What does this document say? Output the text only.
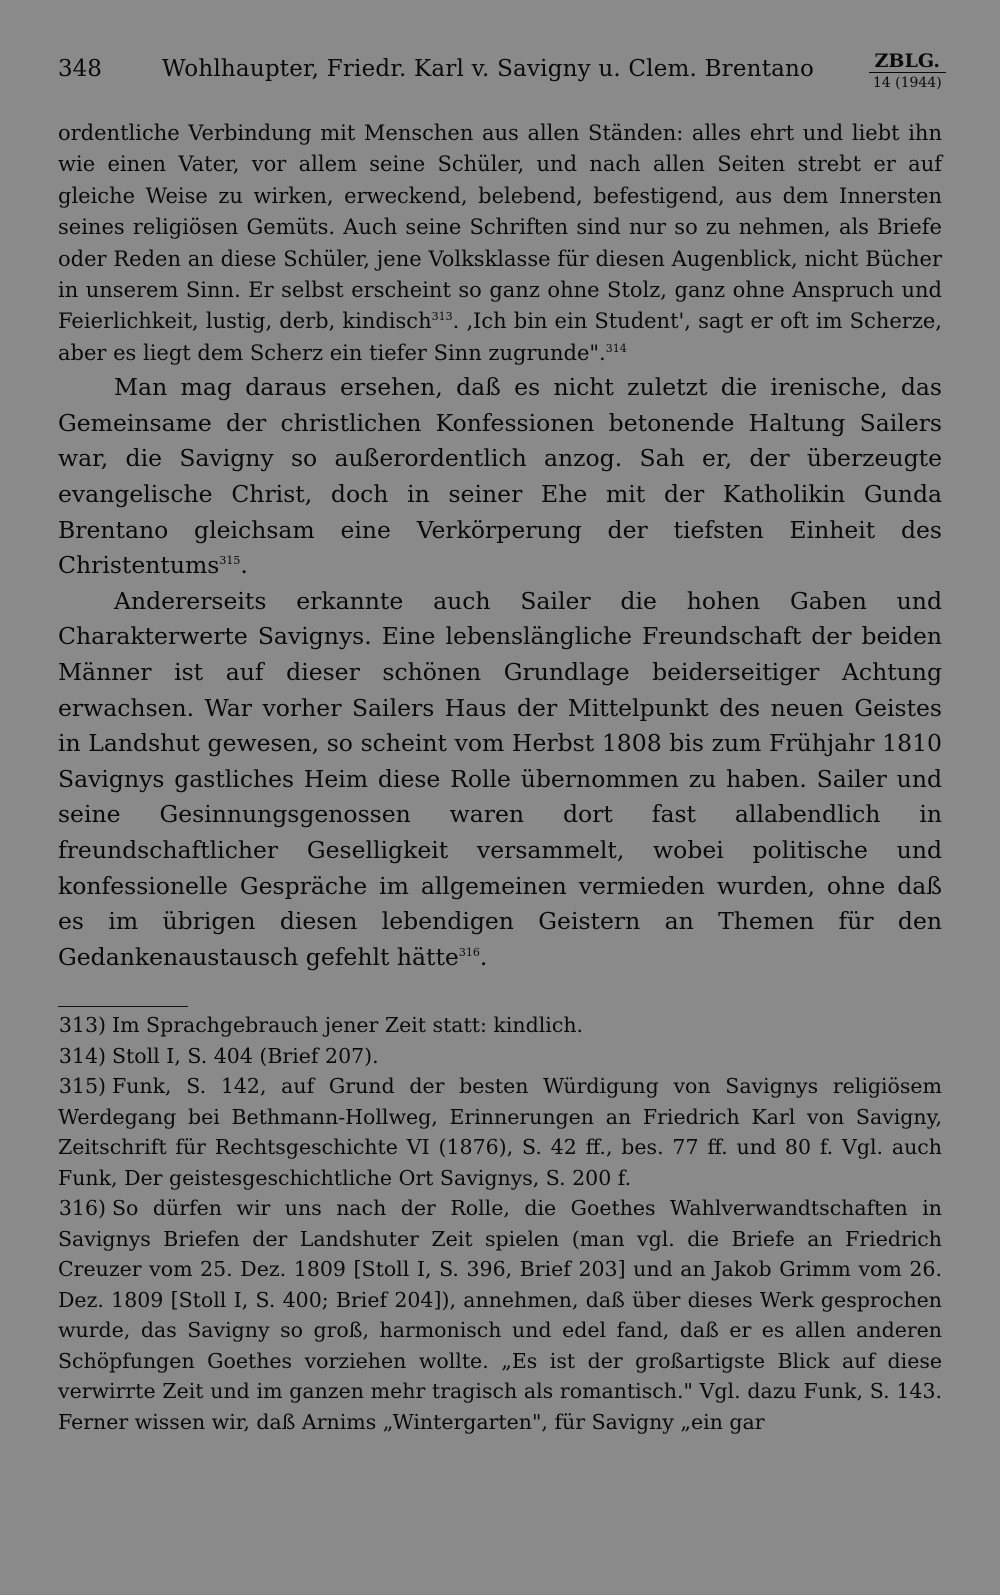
348	Wohlhaupter, Friedr. Karl v. Savigny u. Clem. Brentano	ZBLG.
14 (1944)

ordentliche Verbindung mit Menschen aus allen Ständen: alles ehrt und liebt ihn wie einen Vater, vor allem seine Schüler, und nach allen Seiten strebt er auf gleiche Weise zu wirken, erweckend, belebend, befestigend, aus dem Innersten seines religiösen Gemüts. Auch seine Schriften sind nur so zu nehmen, als Briefe oder Reden an diese Schüler, jene Volksklasse für diesen Augenblick, nicht Bücher in unserem Sinn. Er selbst erscheint so ganz ohne Stolz, ganz ohne Anspruch und Feierlichkeit, lustig, derb, kindisch$^{313}$. ‚Ich bin ein Student', sagt er oft im Scherze, aber es liegt dem Scherz ein tiefer Sinn zugrunde".$^{314}$

Man mag daraus ersehen, daß es nicht zuletzt die irenische, das Gemeinsame der christlichen Konfessionen betonende Haltung Sailers war, die Savigny so außerordentlich anzog. Sah er, der überzeugte evangelische Christ, doch in seiner Ehe mit der Katholikin Gunda Brentano gleichsam eine Verkörperung der tiefsten Einheit des Christentums$^{315}$.

Andererseits erkannte auch Sailer die hohen Gaben und Charakterwerte Savignys. Eine lebenslängliche Freundschaft der beiden Männer ist auf dieser schönen Grundlage beiderseitiger Achtung erwachsen. War vorher Sailers Haus der Mittelpunkt des neuen Geistes in Landshut gewesen, so scheint vom Herbst 1808 bis zum Frühjahr 1810 Savignys gastliches Heim diese Rolle übernommen zu haben. Sailer und seine Gesinnungsgenossen waren dort fast allabendlich in freundschaftlicher Geselligkeit versammelt, wobei politische und konfessionelle Gespräche im allgemeinen vermieden wurden, ohne daß es im übrigen diesen lebendigen Geistern an Themen für den Gedankenaustausch gefehlt hätte$^{316}$.

313) Im Sprachgebrauch jener Zeit statt: kindlich.

314) Stoll I, S. 404 (Brief 207).

315) Funk, S. 142, auf Grund der besten Würdigung von Savignys religiösem Werdegang bei Bethmann-Hollweg, Erinnerungen an Friedrich Karl von Savigny, Zeitschrift für Rechtsgeschichte VI (1876), S. 42 ff., bes. 77 ff. und 80 f. Vgl. auch Funk, Der geistesgeschichtliche Ort Savignys, S. 200 f.

316) So dürfen wir uns nach der Rolle, die Goethes Wahlverwandtschaften in Savignys Briefen der Landshuter Zeit spielen (man vgl. die Briefe an Friedrich Creuzer vom 25. Dez. 1809 [Stoll I, S. 396, Brief 203] und an Jakob Grimm vom 26. Dez. 1809 [Stoll I, S. 400; Brief 204]), annehmen, daß über dieses Werk gesprochen wurde, das Savigny so groß, harmonisch und edel fand, daß er es allen anderen Schöpfungen Goethes vorziehen wollte. „Es ist der großartigste Blick auf diese verwirrte Zeit und im ganzen mehr tragisch als romantisch." Vgl. dazu Funk, S. 143. Ferner wissen wir, daß Arnims „Wintergarten", für Savigny „ein gar
